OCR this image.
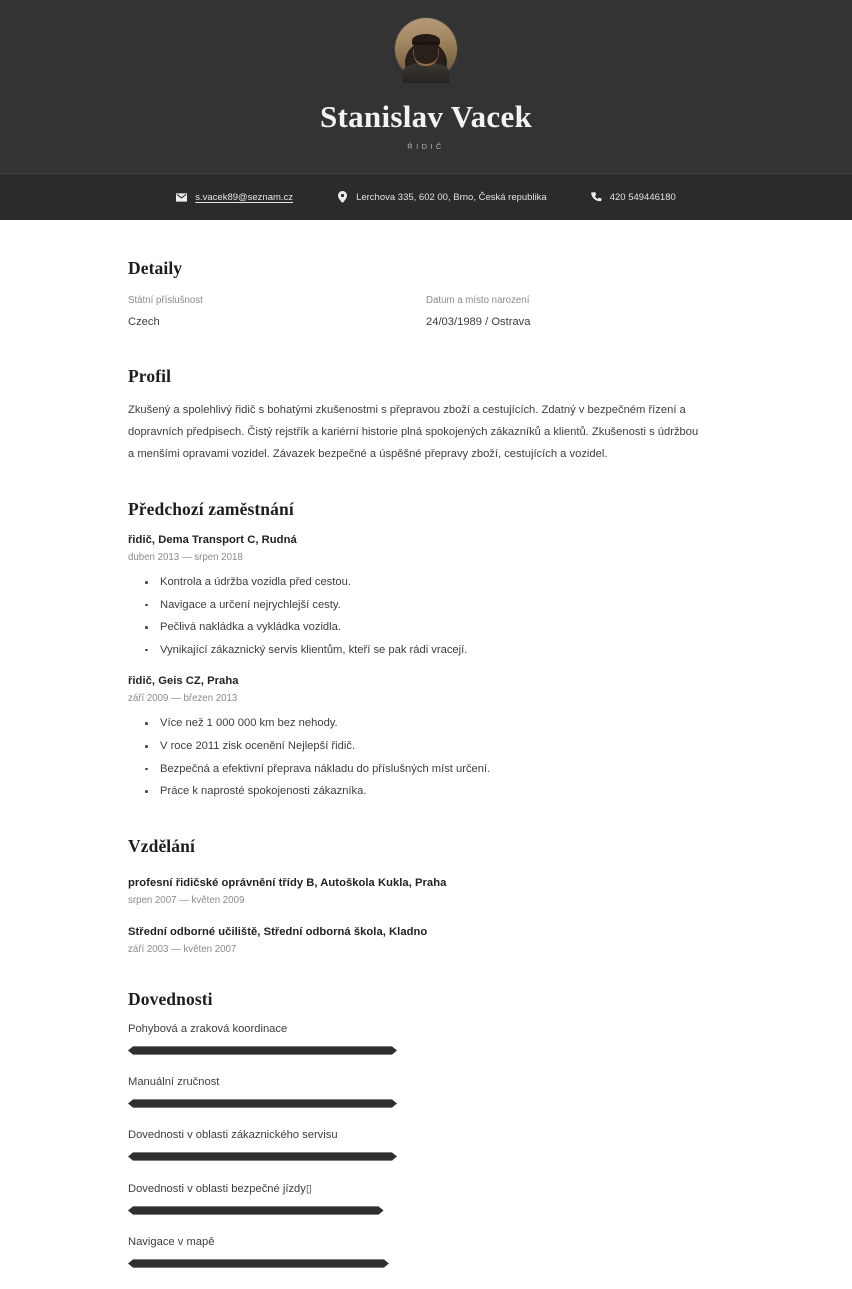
Stanislav Vacek
ŘIDIČ
s.vacek89@seznam.cz	Lerchova 335, 602 00, Brno, Česká republika	420 549446180
Detaily
Státní příslušnost
Czech
Datum a místo narození
24/03/1989 / Ostrava
Profil
Zkušený a spolehlivý řidič s bohatými zkušenostmi s přepravou zboží a cestujících. Zdatný v bezpečném řízení a dopravních předpisech. Čistý rejstřík a kariérní historie plná spokojených zákazníků a klientů. Zkušenosti s údržbou a menšími opravami vozidel. Závazek bezpečné a úspěšné přepravy zboží, cestujících a vozidel.
Předchozí zaměstnání
řidič, Dema Transport C, Rudná
duben 2013 — srpen 2018
Kontrola a údržba vozidla před cestou.
Navigace a určení nejrychlejší cesty.
Pečlivá nakládka a vykládka vozidla.
Vynikající zákaznický servis klientům, kteří se pak rádi vracejí.
řidič, Geis CZ, Praha
září 2009 — březen 2013
Více než 1 000 000 km bez nehody.
V roce 2011 zisk ocenění Nejlepší řidič.
Bezpečná a efektivní přeprava nákladu do příslušných míst určení.
Práce k naprosté spokojenosti zákazníka.
Vzdělání
profesní řidičské oprávnění třídy B, Autoškola Kukla, Praha
srpen 2007 — květen 2009
Střední odborné učiliště, Střední odborná škola, Kladno
září 2003 — květen 2007
Dovednosti
Pohybová a zraková koordinace
Manuální zručnost
Dovednosti v oblasti zákaznického servisu
Dovednosti v oblasti bezpečné jízdy▯
Navigace v mapě
